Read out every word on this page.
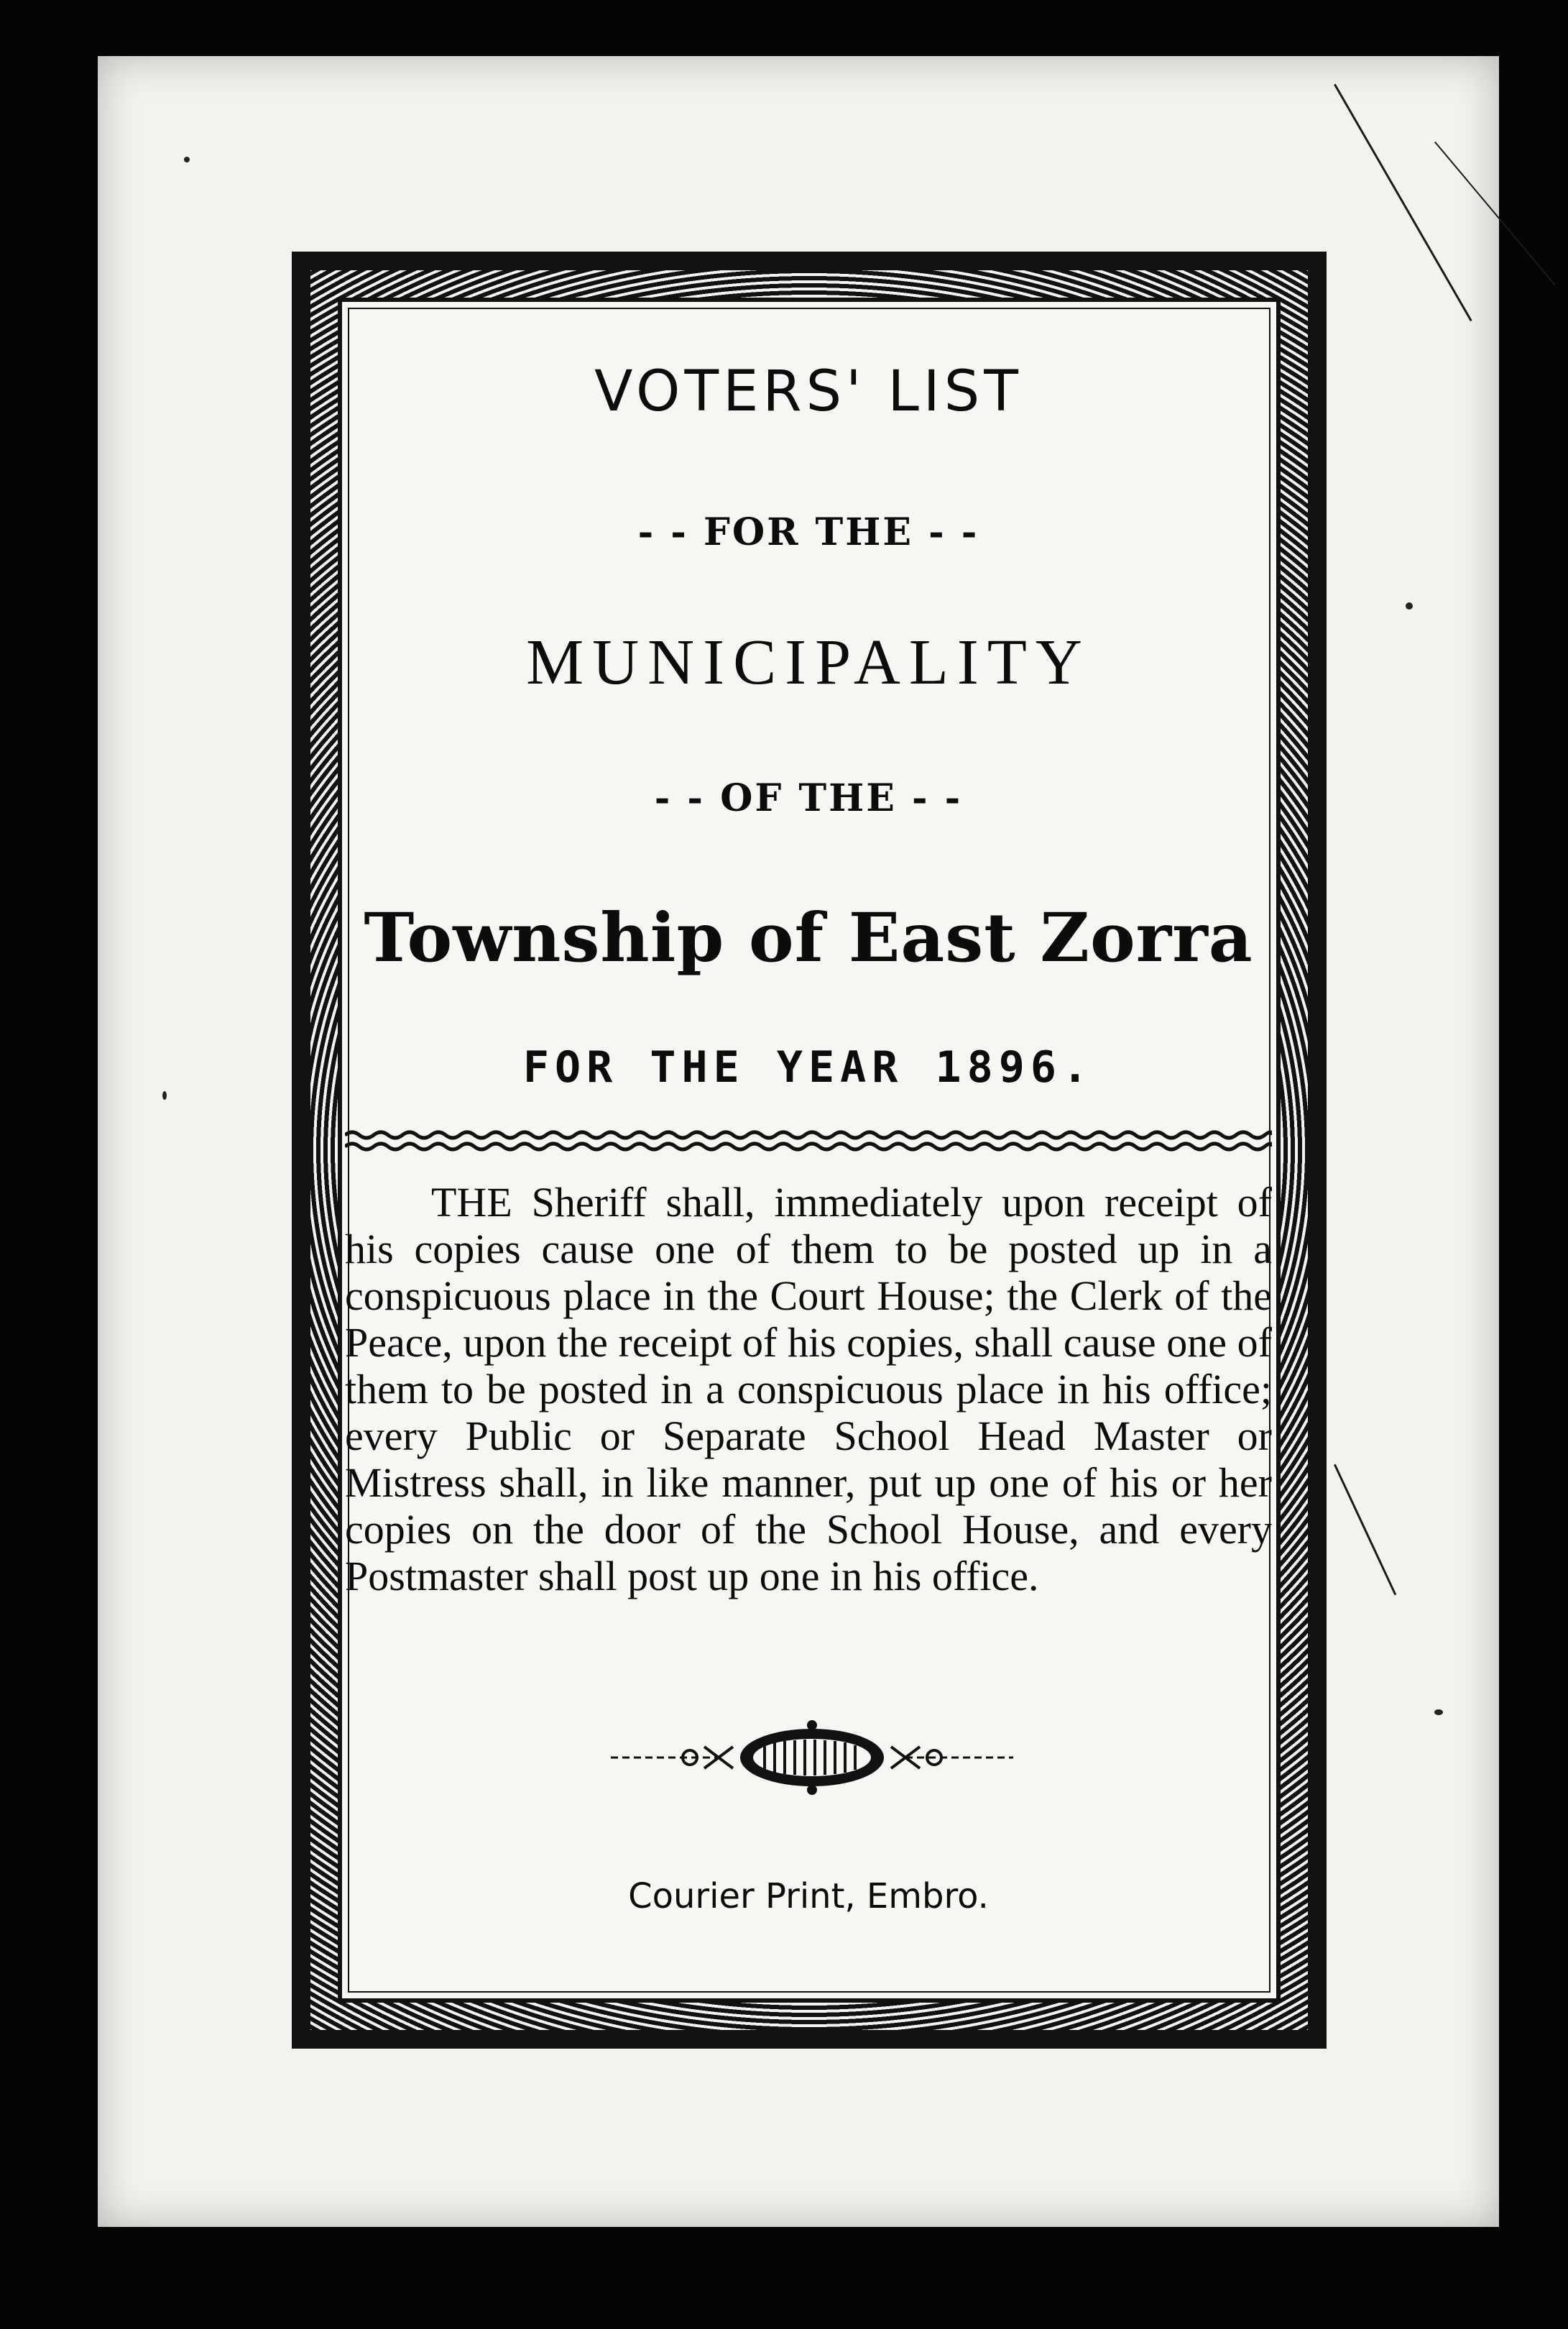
VOTERS' LIST
- - FOR THE - -
MUNICIPALITY
- - OF THE - -
Township of East Zorra
FOR THE YEAR 1896.
THE Sheriff shall, immediately upon receipt of his copies cause one of them to be posted up in a conspicuous place in the Court House; the Clerk of the Peace, upon the receipt of his copies, shall cause one of them to be posted in a conspicuous place in his office; every Public or Separate School Head Master or Mistress shall, in like manner, put up one of his or her copies on the door of the School House, and every Postmaster shall post up one in his office.
Courier Print, Embro.
